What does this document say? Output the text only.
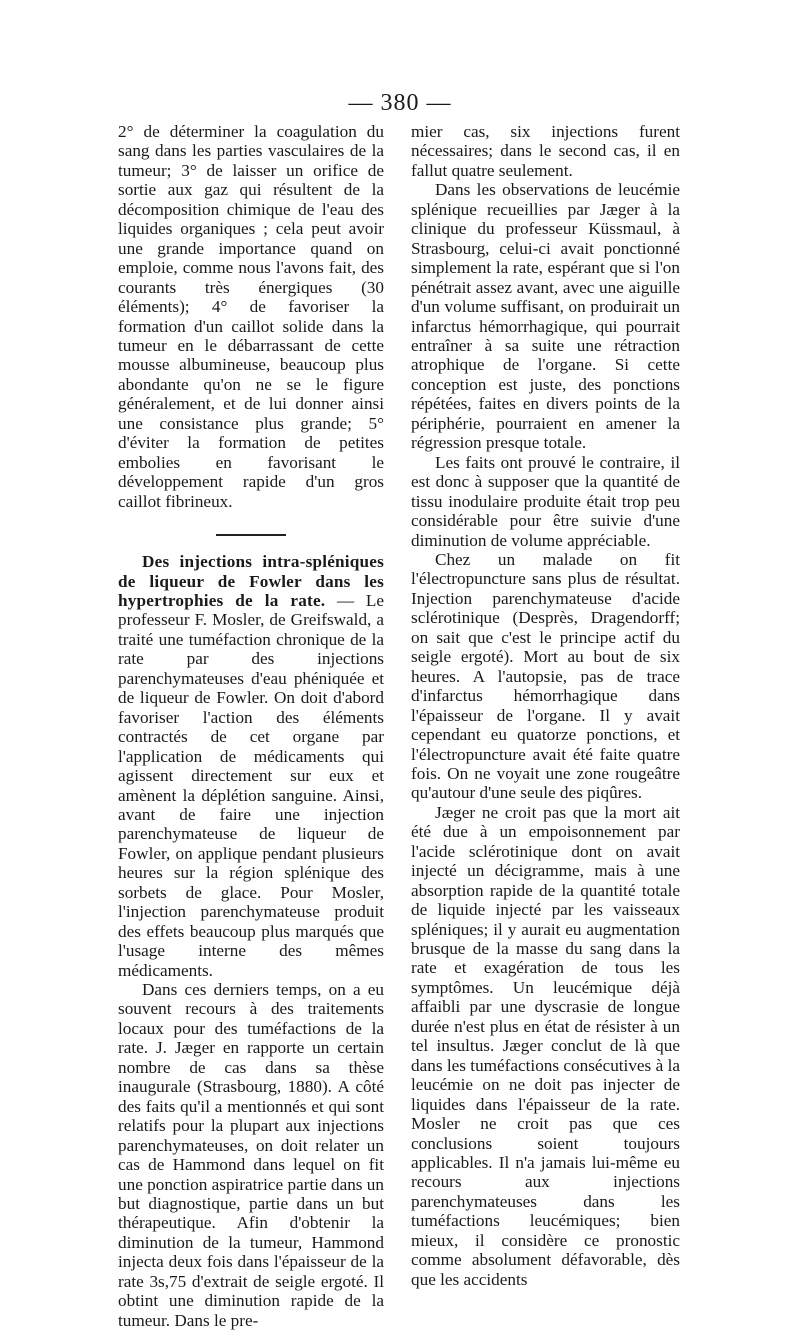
— 380 —

2° de déterminer la coagulation du sang dans les parties vasculaires de la tumeur; 3° de laisser un orifice de sortie aux gaz qui résultent de la décomposition chimique de l'eau des liquides organiques ; cela peut avoir une grande importance quand on emploie, comme nous l'avons fait, des courants très énergiques (30 éléments); 4° de favoriser la formation d'un caillot solide dans la tumeur en le débarrassant de cette mousse albumineuse, beaucoup plus abondante qu'on ne se le figure généralement, et de lui donner ainsi une consistance plus grande; 5° d'éviter la formation de petites embolies en favorisant le développement rapide d'un gros caillot fibrineux.

Des injections intra-spléniques de liqueur de Fowler dans les hypertrophies de la rate. — Le professeur F. Mosler, de Greifswald, a traité une tuméfaction chronique de la rate par des injections parenchymateuses d'eau phéniquée et de liqueur de Fowler. On doit d'abord favoriser l'action des éléments contractés de cet organe par l'application de médicaments qui agissent directement sur eux et amènent la déplétion sanguine. Ainsi, avant de faire une injection parenchymateuse de liqueur de Fowler, on applique pendant plusieurs heures sur la région splénique des sorbets de glace. Pour Mosler, l'injection parenchymateuse produit des effets beaucoup plus marqués que l'usage interne des mêmes médicaments.

Dans ces derniers temps, on a eu souvent recours à des traitements locaux pour des tuméfactions de la rate. J. Jæger en rapporte un certain nombre de cas dans sa thèse inaugurale (Strasbourg, 1880). A côté des faits qu'il a mentionnés et qui sont relatifs pour la plupart aux injections parenchymateuses, on doit relater un cas de Hammond dans lequel on fit une ponction aspiratrice partie dans un but diagnostique, partie dans un but thérapeutique. Afin d'obtenir la diminution de la tumeur, Hammond injecta deux fois dans l'épaisseur de la rate 3s,75 d'extrait de seigle ergoté. Il obtint une diminution rapide de la tumeur. Dans le pre-

mier cas, six injections furent nécessaires; dans le second cas, il en fallut quatre seulement.

Dans les observations de leucémie splénique recueillies par Jæger à la clinique du professeur Küssmaul, à Strasbourg, celui-ci avait ponctionné simplement la rate, espérant que si l'on pénétrait assez avant, avec une aiguille d'un volume suffisant, on produirait un infarctus hémorrhagique, qui pourrait entraîner à sa suite une rétraction atrophique de l'organe. Si cette conception est juste, des ponctions répétées, faites en divers points de la périphérie, pourraient en amener la régression presque totale.

Les faits ont prouvé le contraire, il est donc à supposer que la quantité de tissu inodulaire produite était trop peu considérable pour être suivie d'une diminution de volume appréciable.

Chez un malade on fit l'électropuncture sans plus de résultat. Injection parenchymateuse d'acide sclérotinique (Desprès, Dragendorff; on sait que c'est le principe actif du seigle ergoté). Mort au bout de six heures. A l'autopsie, pas de trace d'infarctus hémorrhagique dans l'épaisseur de l'organe. Il y avait cependant eu quatorze ponctions, et l'électropuncture avait été faite quatre fois. On ne voyait une zone rougeâtre qu'autour d'une seule des piqûres.

Jæger ne croit pas que la mort ait été due à un empoisonnement par l'acide sclérotinique dont on avait injecté un décigramme, mais à une absorption rapide de la quantité totale de liquide injecté par les vaisseaux spléniques; il y aurait eu augmentation brusque de la masse du sang dans la rate et exagération de tous les symptômes. Un leucémique déjà affaibli par une dyscrasie de longue durée n'est plus en état de résister à un tel insultus. Jæger conclut de là que dans les tuméfactions consécutives à la leucémie on ne doit pas injecter de liquides dans l'épaisseur de la rate. Mosler ne croit pas que ces conclusions soient toujours applicables. Il n'a jamais lui-même eu recours aux injections parenchymateuses dans les tuméfactions leucémiques; bien mieux, il considère ce pronostic comme absolument défavorable, dès que les accidents
